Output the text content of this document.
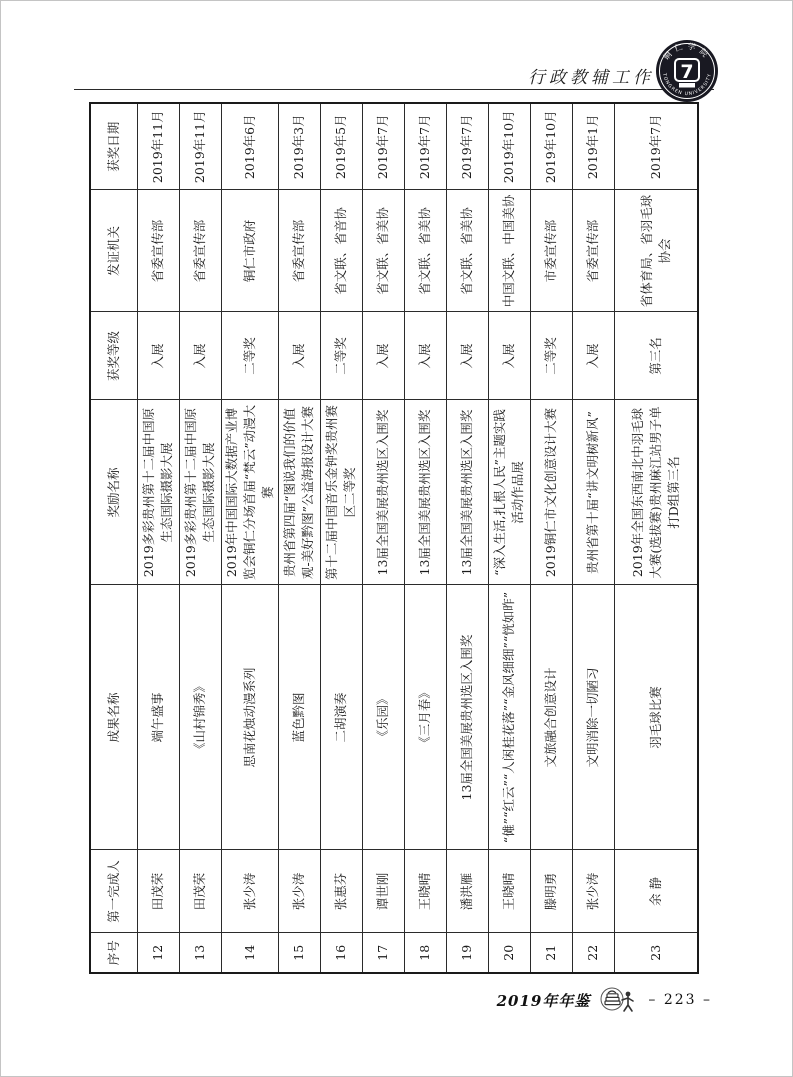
行政教辅工作
铜仁学院
TONGREN UNIVERSITY
7
序号	第一完成人	成果名称	奖励名称	获奖等级	发证机关	获奖日期
12	田茂荣	端午盛事	2019多彩贵州第十二届中国原生态国际摄影大展	入展	省委宣传部	2019年11月
13	田茂荣	《山村锦秀》	2019多彩贵州第十二届中国原生态国际摄影大展	入展	省委宣传部	2019年11月
14	张少涛	思南花烛动漫系列	2019年中国国际大数据产业博览会铜仁分场首届“梵云”动漫大赛	二等奖	铜仁市政府	2019年6月
15	张少涛	蓝色黔图	贵州省第四届“图说我们的价值观-美好黔图”公益海报设计大赛	入展	省委宣传部	2019年3月
16	张惠芬	二胡演奏	第十二届中国音乐金钟奖贵州赛区二等奖	二等奖	省文联、省音协	2019年5月
17	谭世刚	《乐园》	13届全国美展贵州选区入围奖	入展	省文联、省美协	2019年7月
18	王晓晴	《三月春》	13届全国美展贵州选区入围奖	入展	省文联、省美协	2019年7月
19	潘洪雁	13届全国美展贵州选区入围奖	13届全国美展贵州选区入围奖	入展	省文联、省美协	2019年7月
20	王晓晴	“傩”“红云”“人闲桂花落”“金风细细”“恍如昨”	“深入生活,扎根人民”主题实践活动作品展	入展	中国文联、中国美协	2019年10月
21	滕明勇	文旅融合创意设计	2019铜仁市文化创意设计大赛	二等奖	市委宣传部	2019年10月
22	张少涛	文明消除一切陋习	贵州省第十届“讲文明树新风”	入展	省委宣传部	2019年1月
23	余 静	羽毛球比赛	2019年全国东西南北中羽毛球大赛(选拔赛)贵州麻江站男子单打D组第三名	第三名	省体育局、省羽毛球协会	2019年7月
2019年年鉴	– 223 –
